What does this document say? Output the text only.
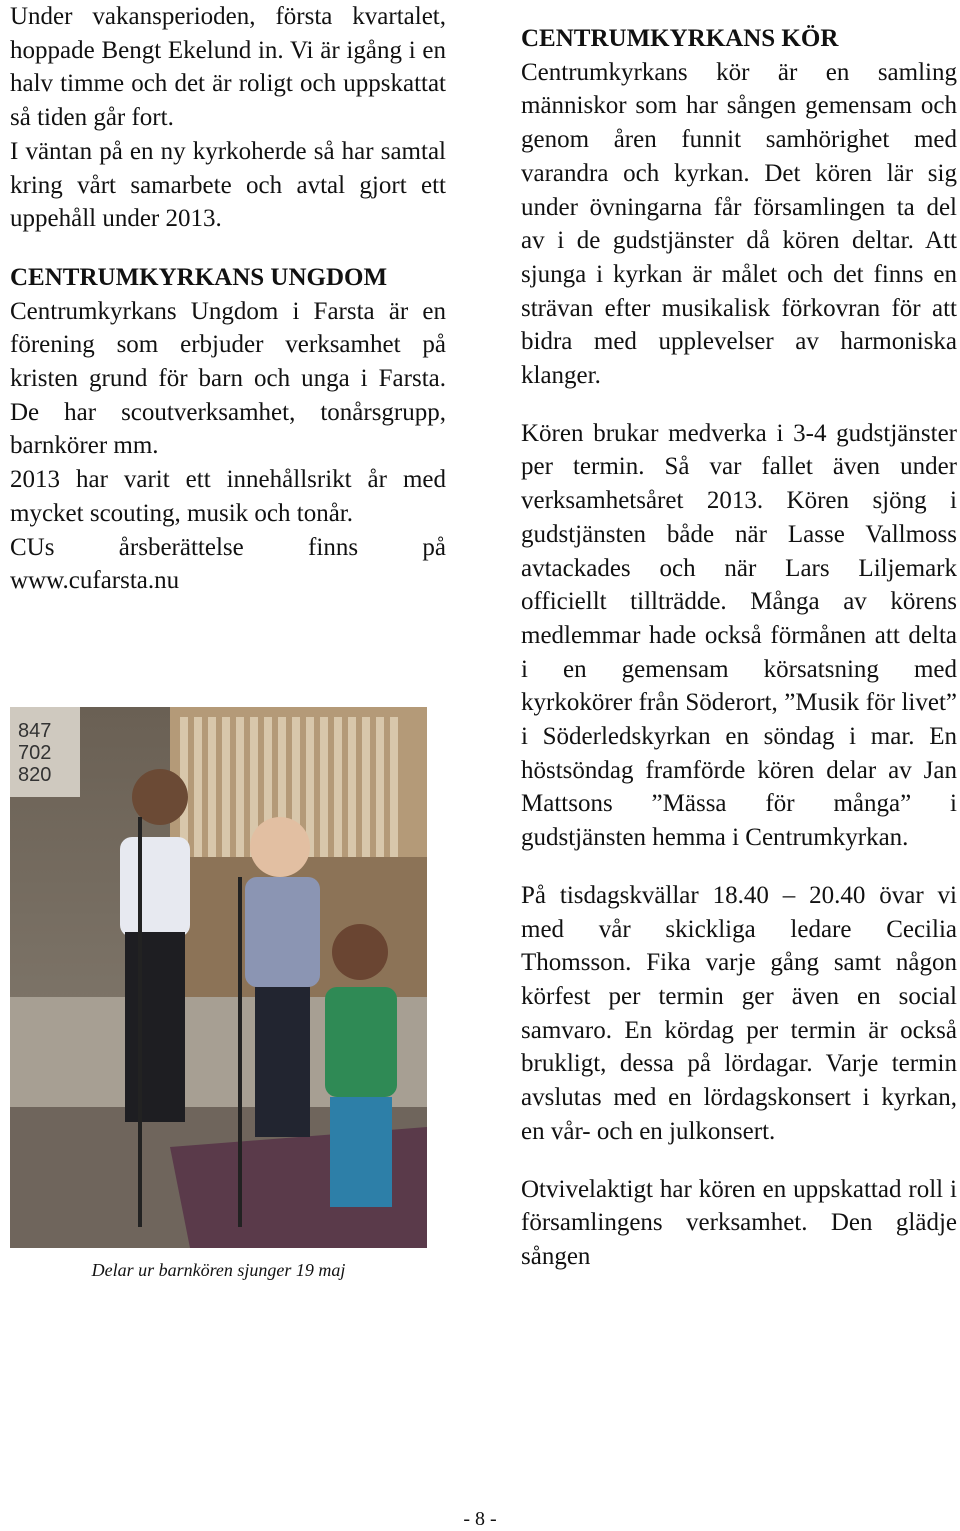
Under vakansperioden, första kvartalet, hoppade Bengt Ekelund in. Vi är igång i en halv timme och det är roligt och uppskattat så tiden går fort.

I väntan på en ny kyrkoherde så har samtal kring vårt samarbete och avtal gjort ett uppehåll under 2013.

CENTRUMKYRKANS UNGDOM

Centrumkyrkans Ungdom i Farsta är en förening som erbjuder verksamhet på kristen grund för barn och unga i Farsta. De har scoutverksamhet, tonårsgrupp, barnkörer mm.

2013 har varit ett innehållsrikt år med mycket scouting, musik och tonår.

CUs årsberättelse finns på www.cufarsta.nu

847
702
820
Delar ur barnkören sjunger 19 maj

CENTRUMKYRKANS KÖR

Centrumkyrkans kör är en samling människor som har sången gemensam och genom åren funnit samhörighet med varandra och kyrkan. Det kören lär sig under övningarna får församlingen ta del av i de gudstjänster då kören deltar. Att sjunga i kyrkan är målet och det finns en strävan efter musikalisk förkovran för att bidra med upplevelser av harmoniska klanger.

Kören brukar medverka i 3-4 gudstjänster per termin. Så var fallet även under verksamhetsåret 2013. Kören sjöng i gudstjänsten både när Lasse Vallmoss avtackades och när Lars Liljemark officiellt tillträdde. Många av körens medlemmar hade också förmånen att delta i en gemensam körsatsning med kyrkokörer från Söderort, ”Musik för livet” i Söderledskyrkan en söndag i mar. En höstsöndag framförde kören delar av Jan Mattsons ”Mässa för många” i gudstjänsten hemma i Centrumkyrkan.

På tisdagskvällar 18.40 – 20.40 övar vi med vår skickliga ledare Cecilia Thomsson. Fika varje gång samt någon körfest per termin ger även en social samvaro. En kördag per termin är också brukligt, dessa på lördagar. Varje termin avslutas med en lördagskonsert i kyrkan, en vår- och en julkonsert.

Otvivelaktigt har kören en uppskattad roll i församlingens verksamhet. Den glädje sången

- 8 -
